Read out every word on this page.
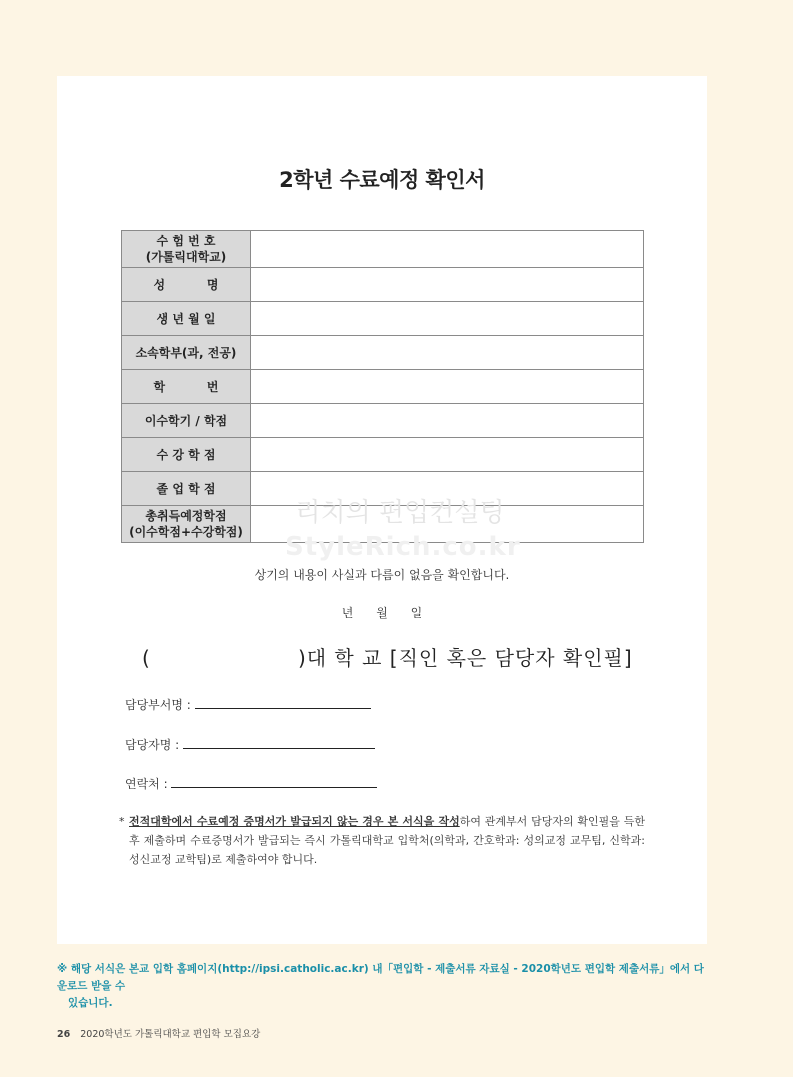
2학년 수료예정 확인서
수 험 번 호
(가톨릭대학교)	

성          명	

생 년 월 일	

소속학부(과, 전공)	

학          번	

이수학기 / 학점	

수 강 학 점	

졸 업 학 점	

총취득예정학점
(이수학점+수강학점)	

리치의 편입컨설팅
StyleRich.co.kr
상기의 내용이 사실과 다름이 없음을 확인합니다.
년      월      일
(                    )대 학 교 [직인 혹은 담당자 확인필]
담당부서명 :
담당자명 :
연락처 :
* 전적대학에서 수료예정 증명서가 발급되지 않는 경우 본 서식을 작성하여 관계부서 담당자의 확인필을 득한 후 제출하며 수료증명서가 발급되는 즉시 가톨릭대학교 입학처(의학과, 간호학과: 성의교정 교무팀, 신학과: 성신교정 교학팀)로 제출하여야 합니다.
※ 해당 서식은 본교 입학 홈페이지(http://ipsi.catholic.ac.kr) 내「편입학 - 제출서류 자료실 - 2020학년도 편입학 제출서류」에서 다운로드 받을 수
있습니다.
26 2020학년도 가톨릭대학교 편입학 모집요강
